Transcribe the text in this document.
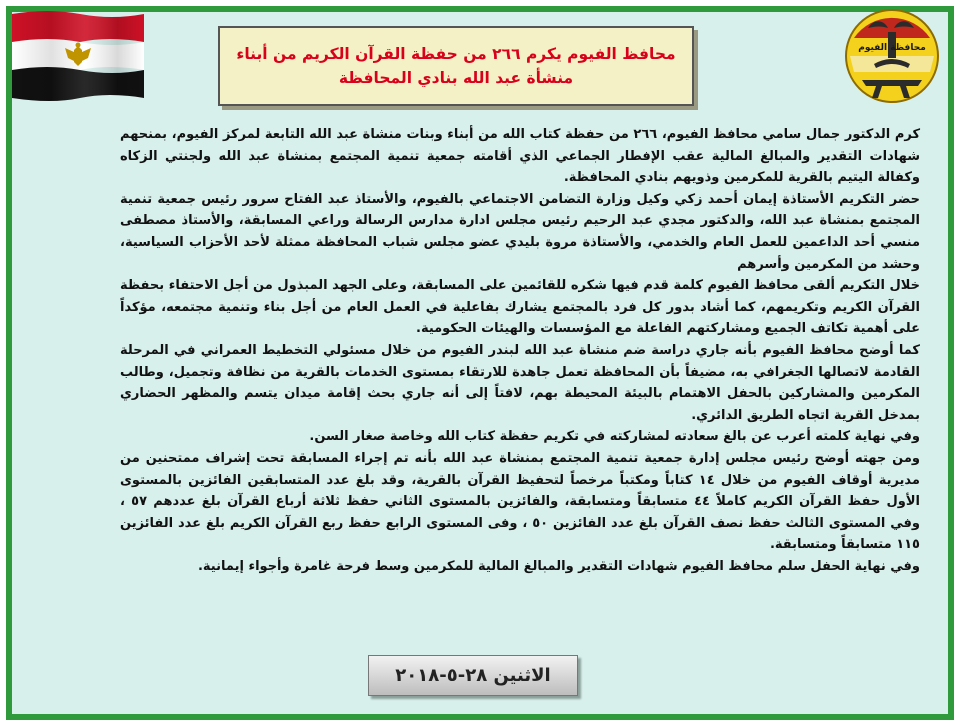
محافظة الفيوم
محافظ الفيوم يكرم ٢٦٦ من حفظة القرآن الكريم من أبناء
منشأة عبد الله بنادي المحافظة

كرم الدكتور جمال سامي محافظ الفيوم، ٢٦٦ من حفظة كتاب الله من أبناء وبنات منشاة عبد الله التابعة لمركز الفيوم، بمنحهم شهادات التقدير والمبالغ المالية عقب الإفطار الجماعي الذي أقامته جمعية تنمية المجتمع بمنشاة عبد الله ولجنتي الزكاه وكفالة اليتيم بالقرية للمكرمين وذويهم بنادي المحافظة.

حضر التكريم الأستاذة إيمان أحمد زكي وكيل وزارة التضامن الاجتماعي بالفيوم، والأستاذ عبد الفتاح سرور رئيس جمعية تنمية المجتمع بمنشاة عبد الله، والدكتور مجدي عبد الرحيم رئيس مجلس ادارة مدارس الرسالة وراعي المسابقة، والأستاذ مصطفى منسي أحد الداعمين للعمل العام والخدمي، والأستاذة مروة بليدي عضو مجلس شباب المحافظة ممثلة لأحد الأحزاب السياسية، وحشد من المكرمين وأسرهم

خلال التكريم ألقى محافظ الفيوم كلمة قدم فيها شكره للقائمين على المسابقة، وعلى الجهد المبذول من أجل الاحتفاء بحفظة القرآن الكريم وتكريمهم، كما أشاد بدور كل فرد بالمجتمع يشارك بفاعلية في العمل العام من أجل بناء وتنمية مجتمعه، مؤكداً على أهمية تكاتف الجميع ومشاركتهم الفاعلة مع المؤسسات والهيئات الحكومية.

كما أوضح محافظ الفيوم بأنه جاري دراسة ضم منشاة عبد الله لبندر الفيوم من خلال مسئولي التخطيط العمراني في المرحلة القادمة لاتصالها الجغرافي به، مضيفاً بأن المحافظة تعمل جاهدة للارتقاء بمستوى الخدمات بالقرية من نظافة وتجميل، وطالب المكرمين والمشاركين بالحفل الاهتمام بالبيئة المحيطة بهم، لافتاً إلى أنه جاري بحث إقامة ميدان يتسم والمظهر الحضاري بمدخل القرية اتجاه الطريق الدائري.

وفي نهاية كلمته أعرب عن بالغ سعادته لمشاركته في تكريم حفظة كتاب الله وخاصة صغار السن.

ومن جهته أوضح رئيس مجلس إدارة جمعية تنمية المجتمع بمنشاة عبد الله بأنه تم إجراء المسابقة تحت إشراف ممتحنين من مديرية أوقاف الفيوم من خلال ١٤ كتاباً ومكتباً مرخصاً لتحفيظ القرآن بالقرية، وقد بلغ عدد المتسابقين الفائزين بالمستوى الأول حفظ القرآن الكريم كاملاً ٤٤ متسابقاً ومتسابقة، والفائزين بالمستوى الثاني حفظ ثلاثة أرباع القرآن بلغ عددهم ٥٧ ، وفي المستوى الثالث حفظ نصف القرآن بلغ عدد الفائزين ٥٠ ، وفى المستوى الرابع حفظ ربع القرآن الكريم بلغ عدد الفائزين ١١٥ متسابقاً ومتسابقة.

وفي نهاية الحفل سلم محافظ الفيوم شهادات التقدير والمبالغ المالية للمكرمين وسط فرحة غامرة وأجواء إيمانية.

الاثنين ٢٨-٥-٢٠١٨
